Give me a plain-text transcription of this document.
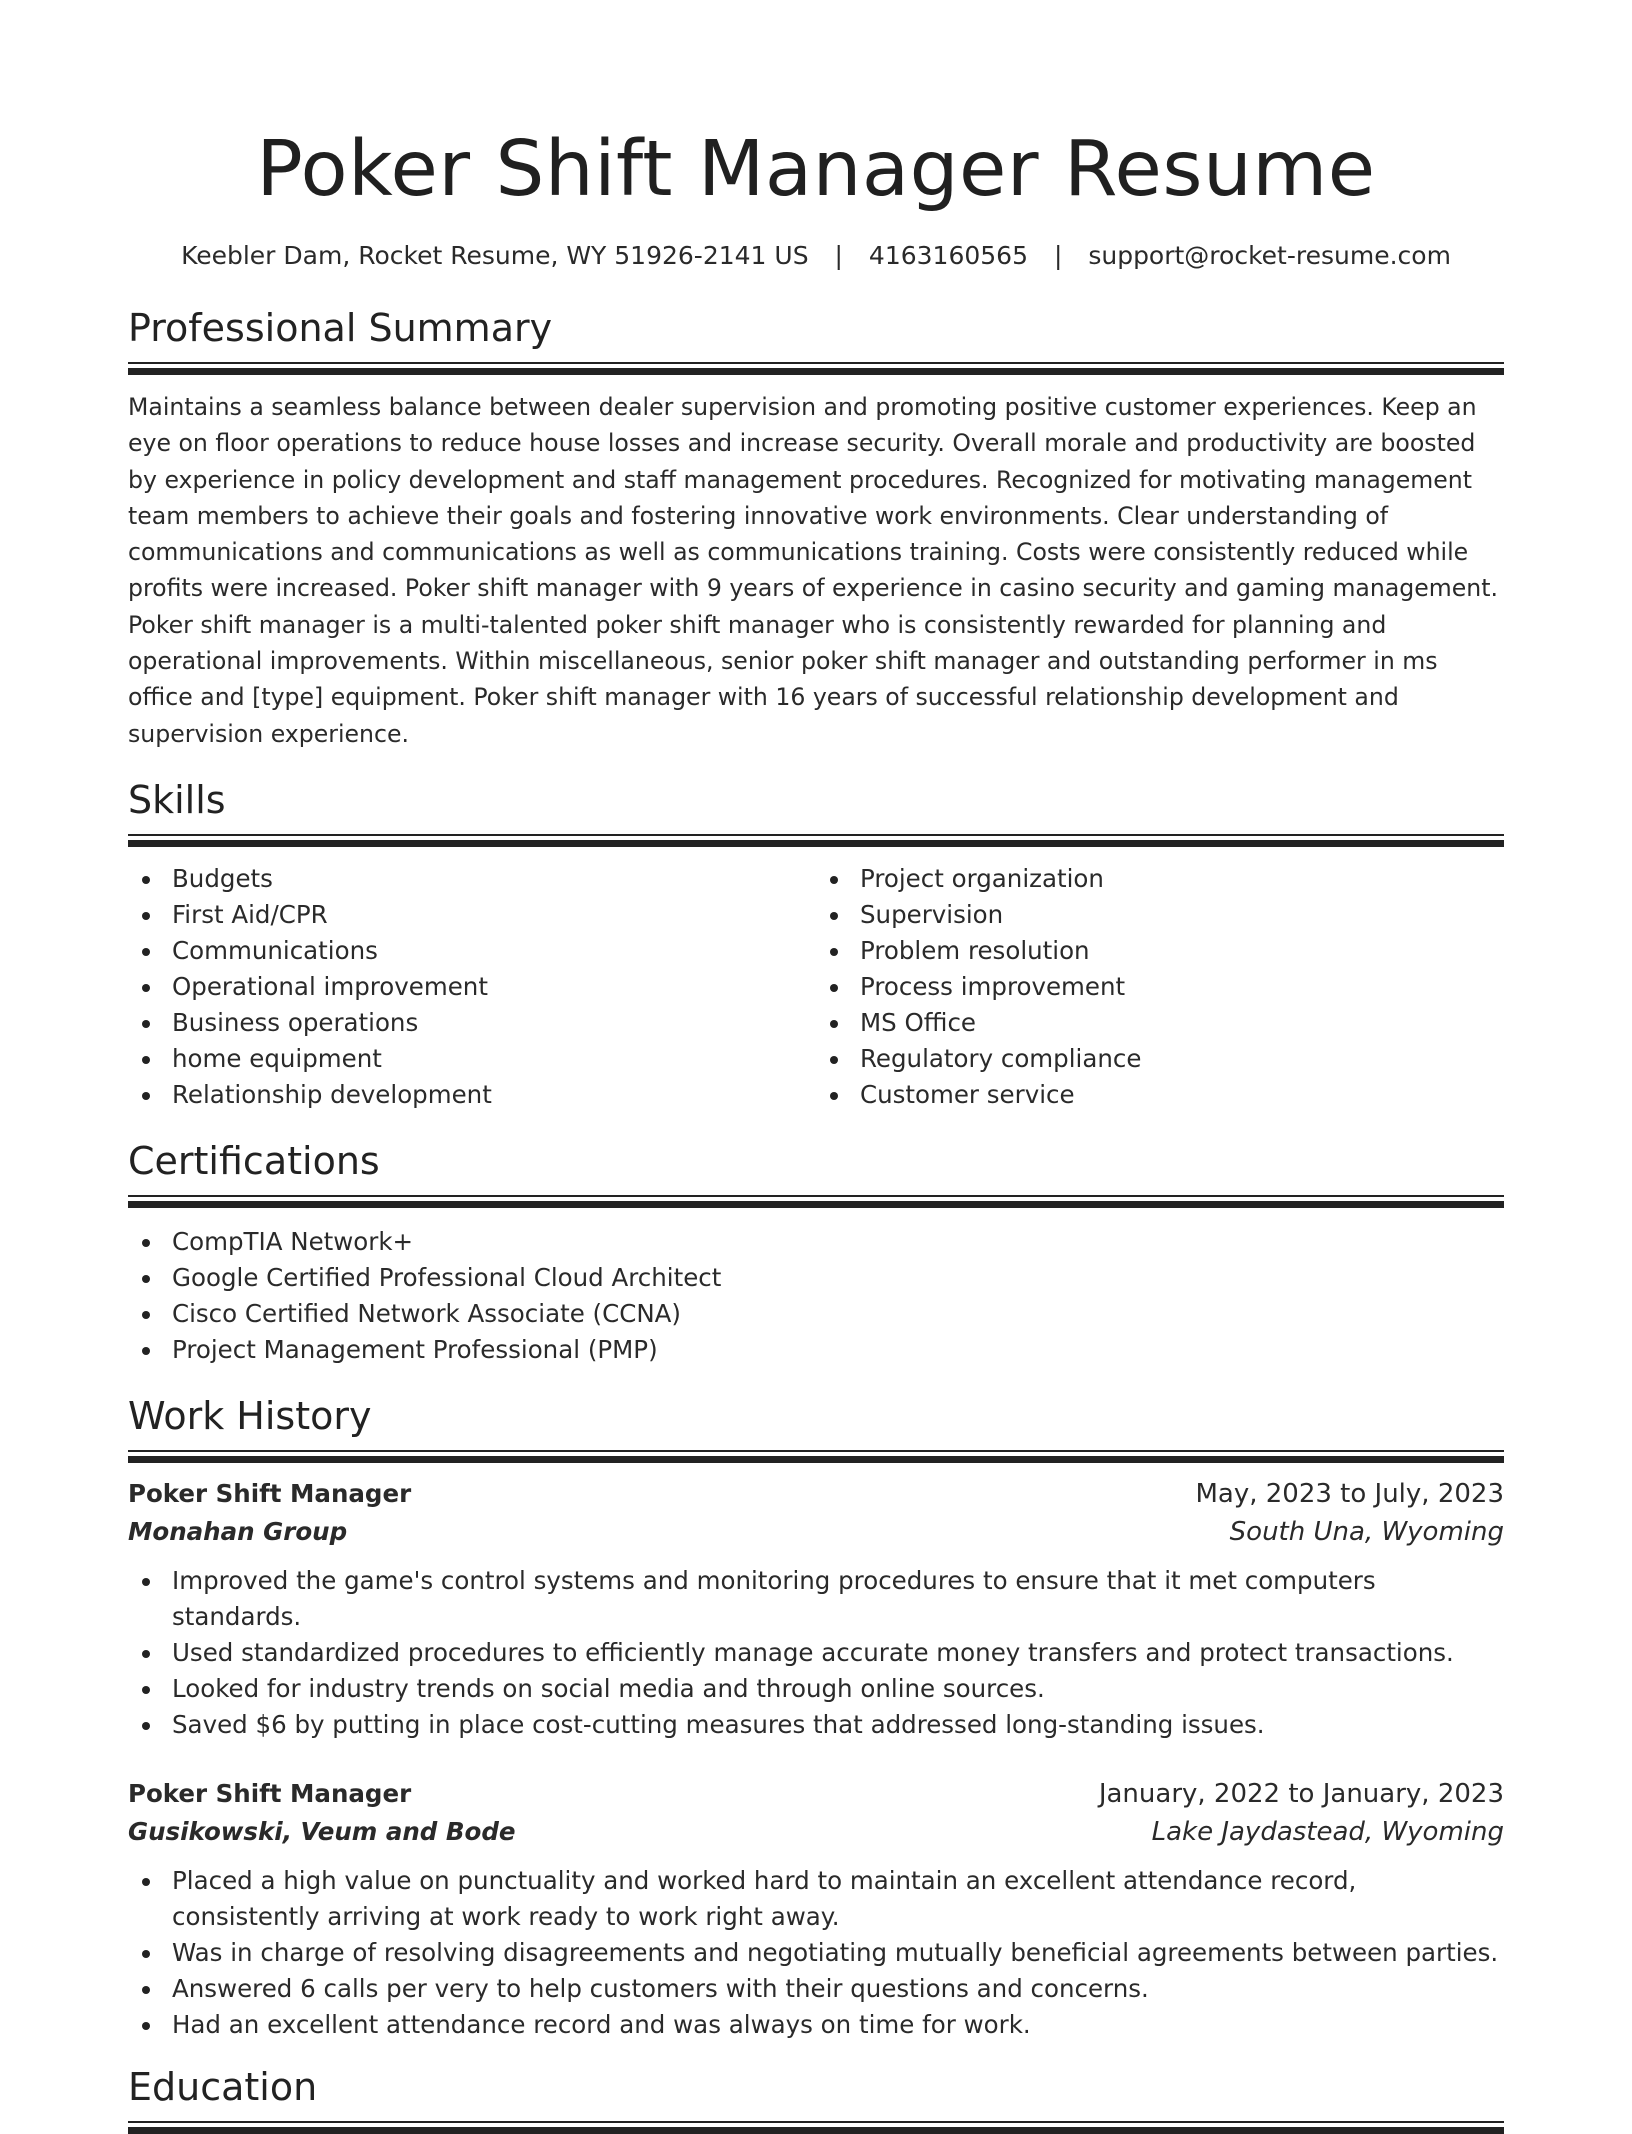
Poker Shift Manager Resume
Keebler Dam, Rocket Resume, WY 51926-2141 US | 4163160565 | support@rocket-resume.com
Professional Summary

Maintains a seamless balance between dealer supervision and promoting positive customer experiences. Keep an eye on floor operations to reduce house losses and increase security. Overall morale and productivity are boosted by experience in policy development and staff management procedures. Recognized for motivating management team members to achieve their goals and fostering innovative work environments. Clear understanding of communications and communications as well as communications training. Costs were consistently reduced while profits were increased. Poker shift manager with 9 years of experience in casino security and gaming management. Poker shift manager is a multi-talented poker shift manager who is consistently rewarded for planning and operational improvements. Within miscellaneous, senior poker shift manager and outstanding performer in ms office and [type] equipment. Poker shift manager with 16 years of successful relationship development and supervision experience.

Skills
Budgets
First Aid/CPR
Communications
Operational improvement
Business operations
home equipment
Relationship development
Project organization
Supervision
Problem resolution
Process improvement
MS Office
Regulatory compliance
Customer service
Certifications
CompTIA Network+
Google Certified Professional Cloud Architect
Cisco Certified Network Associate (CCNA)
Project Management Professional (PMP)
Work History
Poker Shift Manager	May, 2023 to July, 2023
Monahan Group	South Una, Wyoming
Improved the game's control systems and monitoring procedures to ensure that it met computers standards.
Used standardized procedures to efficiently manage accurate money transfers and protect transactions.
Looked for industry trends on social media and through online sources.
Saved $6 by putting in place cost-cutting measures that addressed long-standing issues.
Poker Shift Manager	January, 2022 to January, 2023
Gusikowski, Veum and Bode	Lake Jaydastead, Wyoming
Placed a high value on punctuality and worked hard to maintain an excellent attendance record, consistently arriving at work ready to work right away.
Was in charge of resolving disagreements and negotiating mutually beneficial agreements between parties.
Answered 6 calls per very to help customers with their questions and concerns.
Had an excellent attendance record and was always on time for work.
Education
